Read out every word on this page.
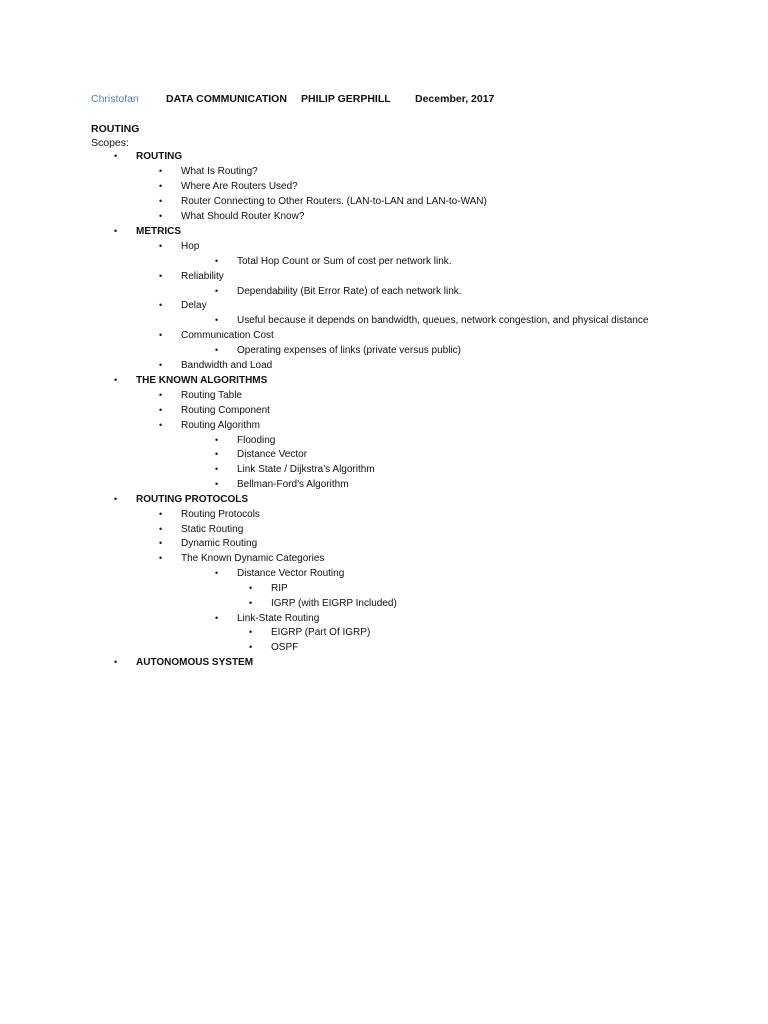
Christofan	DATA COMMUNICATION PHILIP GERPHILL December, 2017
ROUTING
Scopes:
• ROUTING
• What Is Routing?
• Where Are Routers Used?
• Router Connecting to Other Routers. (LAN-to-LAN and LAN-to-WAN)
• What Should Router Know?
• METRICS
• Hop
• Total Hop Count or Sum of cost per network link.
• Reliability
• Dependability (Bit Error Rate) of each network link.
• Delay
• Useful because it depends on bandwidth, queues, network congestion, and physical distance
• Communication Cost
• Operating expenses of links (private versus public)
• Bandwidth and Load
• THE KNOWN ALGORITHMS
• Routing Table
• Routing Component
• Routing Algorithm
• Flooding
• Distance Vector
• Link State / Dijkstra’s Algorithm
• Bellman-Ford’s Algorithm
• ROUTING PROTOCOLS
• Routing Protocols
• Static Routing
• Dynamic Routing
• The Known Dynamic Categories
• Distance Vector Routing
• RIP
• IGRP (with EIGRP Included)
• Link-State Routing
• EIGRP (Part Of IGRP)
• OSPF
• AUTONOMOUS SYSTEM
